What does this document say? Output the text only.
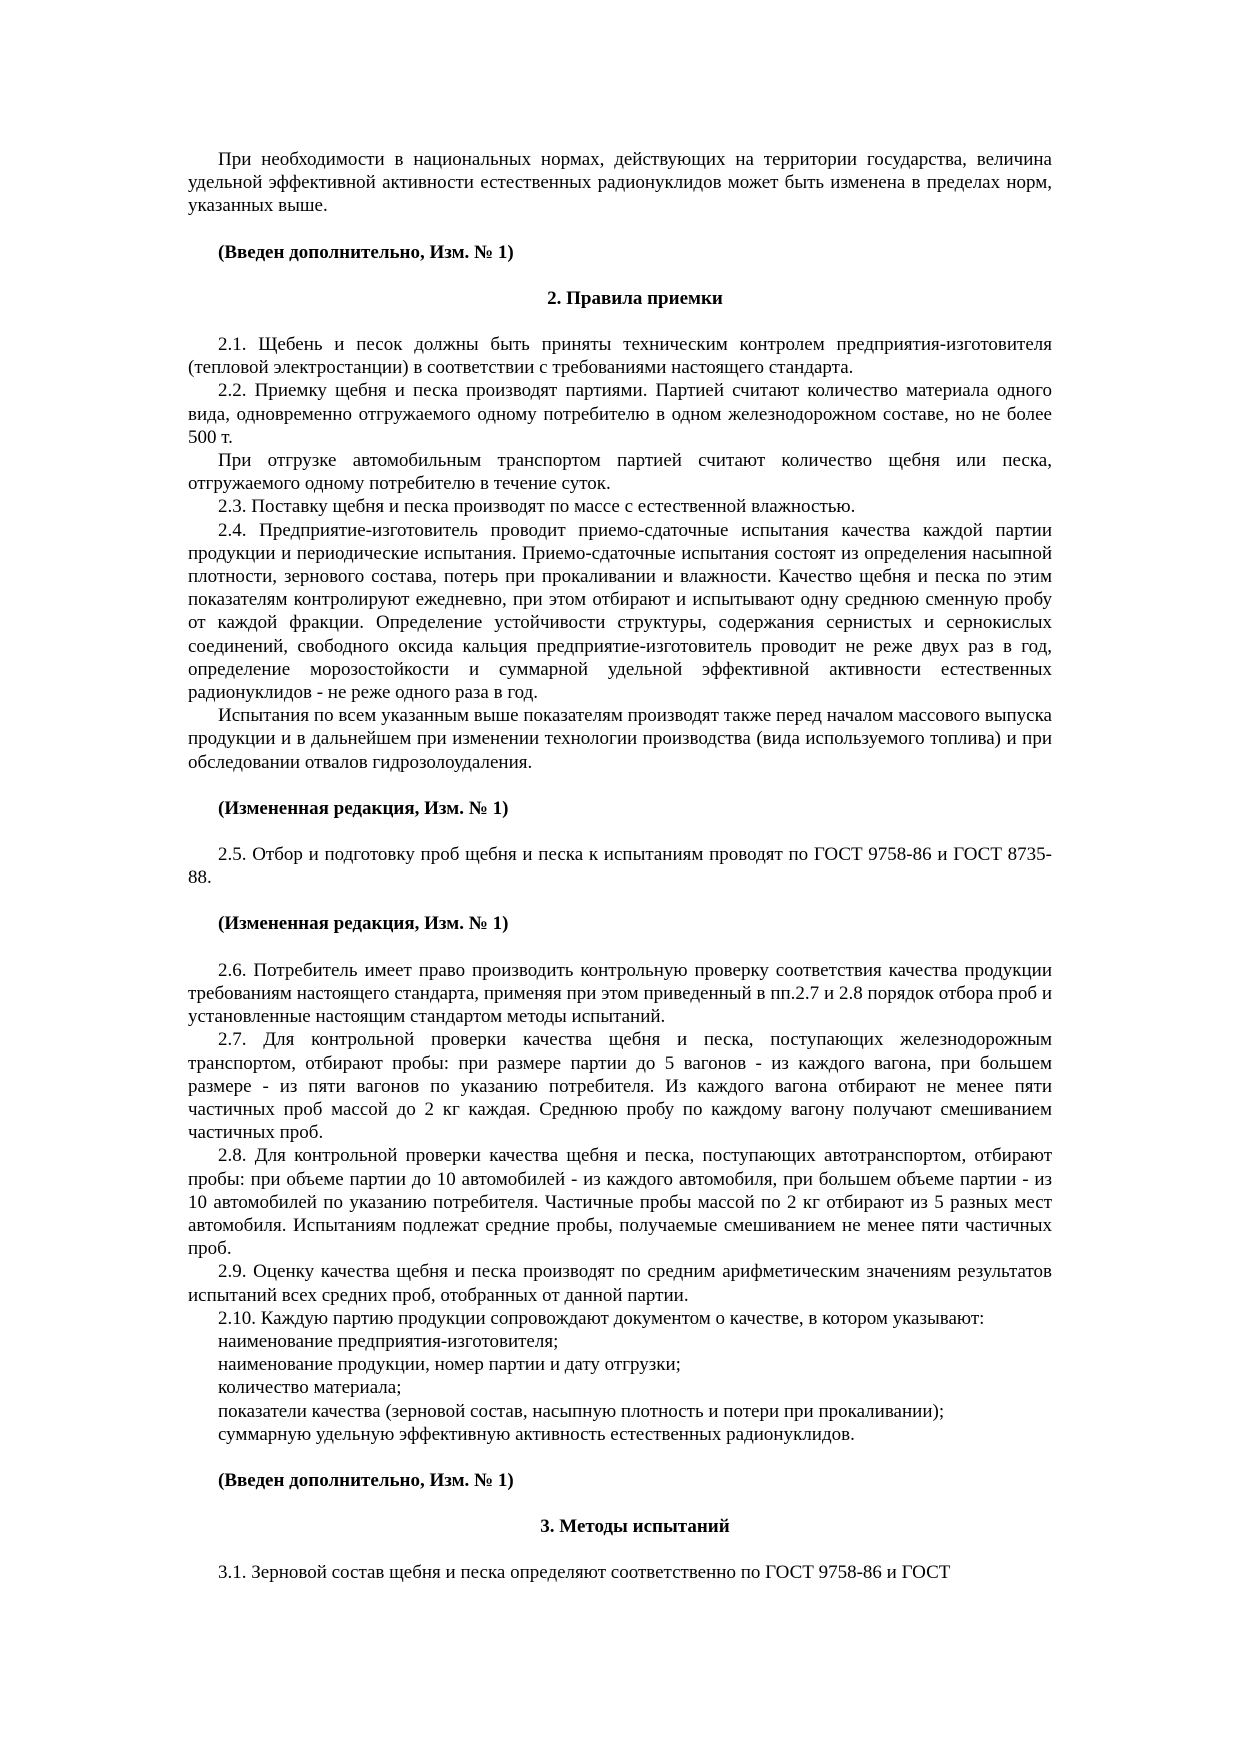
При необходимости в национальных нормах, действующих на территории государства, величина удельной эффективной активности естественных радионуклидов может быть изменена в пределах норм, указанных выше.

(Введен дополнительно, Изм. № 1)

2. Правила приемки

2.1. Щебень и песок должны быть приняты техническим контролем предприятия-изготовителя (тепловой электростанции) в соответствии с требованиями настоящего стандарта.

2.2. Приемку щебня и песка производят партиями. Партией считают количество материала одного вида, одновременно отгружаемого одному потребителю в одном железнодорожном составе, но не более 500 т.

При отгрузке автомобильным транспортом партией считают количество щебня или песка, отгружаемого одному потребителю в течение суток.

2.3. Поставку щебня и песка производят по массе с естественной влажностью.

2.4. Предприятие-изготовитель проводит приемо-сдаточные испытания качества каждой партии продукции и периодические испытания. Приемо-сдаточные испытания состоят из определения насыпной плотности, зернового состава, потерь при прокаливании и влажности. Качество щебня и песка по этим показателям контролируют ежедневно, при этом отбирают и испытывают одну среднюю сменную пробу от каждой фракции. Определение устойчивости структуры, содержания сернистых и сернокислых соединений, свободного оксида кальция предприятие-изготовитель проводит не реже двух раз в год, определение морозостойкости и суммарной удельной эффективной активности естественных радионуклидов - не реже одного раза в год.

Испытания по всем указанным выше показателям производят также перед началом массового выпуска продукции и в дальнейшем при изменении технологии производства (вида используемого топлива) и при обследовании отвалов гидрозолоудаления.

(Измененная редакция, Изм. № 1)

2.5. Отбор и подготовку проб щебня и песка к испытаниям проводят по ГОСТ 9758-86 и ГОСТ 8735-88.

(Измененная редакция, Изм. № 1)

2.6. Потребитель имеет право производить контрольную проверку соответствия качества продукции требованиям настоящего стандарта, применяя при этом приведенный в пп.2.7 и 2.8 порядок отбора проб и установленные настоящим стандартом методы испытаний.

2.7. Для контрольной проверки качества щебня и песка, поступающих железнодорожным транспортом, отбирают пробы: при размере партии до 5 вагонов - из каждого вагона, при большем размере - из пяти вагонов по указанию потребителя. Из каждого вагона отбирают не менее пяти частичных проб массой до 2 кг каждая. Среднюю пробу по каждому вагону получают смешиванием частичных проб.

2.8. Для контрольной проверки качества щебня и песка, поступающих автотранспортом, отбирают пробы: при объеме партии до 10 автомобилей - из каждого автомобиля, при большем объеме партии - из 10 автомобилей по указанию потребителя. Частичные пробы массой по 2 кг отбирают из 5 разных мест автомобиля. Испытаниям подлежат средние пробы, получаемые смешиванием не менее пяти частичных проб.

2.9. Оценку качества щебня и песка производят по средним арифметическим значениям результатов испытаний всех средних проб, отобранных от данной партии.

2.10. Каждую партию продукции сопровождают документом о качестве, в котором указывают:

наименование предприятия-изготовителя;

наименование продукции, номер партии и дату отгрузки;

количество материала;

показатели качества (зерновой состав, насыпную плотность и потери при прокаливании);

суммарную удельную эффективную активность естественных радионуклидов.

(Введен дополнительно, Изм. № 1)

3. Методы испытаний

3.1. Зерновой состав щебня и песка определяют соответственно по ГОСТ 9758-86 и ГОСТ
